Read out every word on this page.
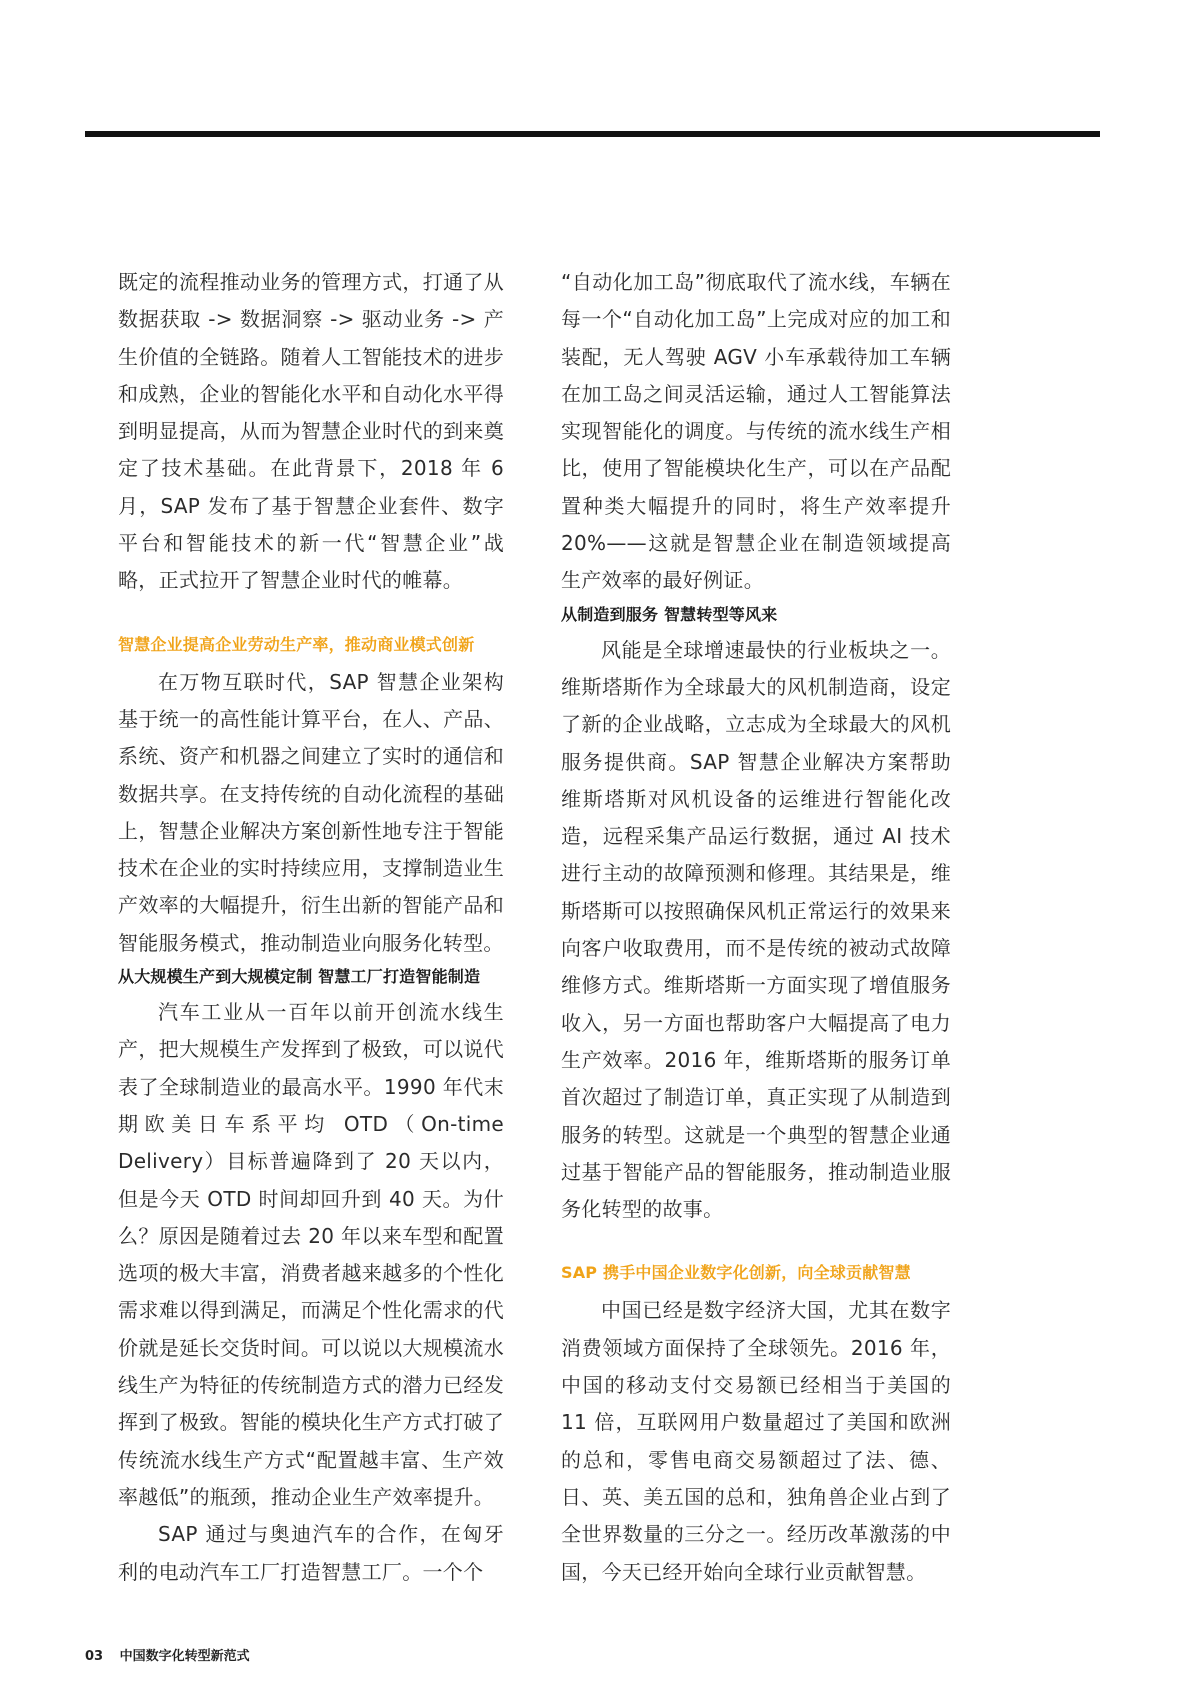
既定的流程推动业务的管理方式，打通了从数据获取 -> 数据洞察 -> 驱动业务 -> 产生价值的全链路。随着人工智能技术的进步和成熟，企业的智能化水平和自动化水平得到明显提高，从而为智慧企业时代的到来奠定了技术基础。在此背景下，2018 年 6 月，SAP 发布了基于智慧企业套件、数字平台和智能技术的新一代“智慧企业”战略，正式拉开了智慧企业时代的帷幕。

智慧企业提高企业劳动生产率，推动商业模式创新

在万物互联时代，SAP 智慧企业架构基于统一的高性能计算平台，在人、产品、系统、资产和机器之间建立了实时的通信和数据共享。在支持传统的自动化流程的基础上，智慧企业解决方案创新性地专注于智能技术在企业的实时持续应用，支撑制造业生产效率的大幅提升，衍生出新的智能产品和智能服务模式，推动制造业向服务化转型。

从大规模生产到大规模定制 智慧工厂打造智能制造

汽车工业从一百年以前开创流水线生产，把大规模生产发挥到了极致，可以说代表了全球制造业的最高水平。1990 年代末期欧美日车系平均 OTD（On-time Delivery）目标普遍降到了 20 天以内，但是今天 OTD 时间却回升到 40 天。为什么？原因是随着过去 20 年以来车型和配置选项的极大丰富，消费者越来越多的个性化需求难以得到满足，而满足个性化需求的代价就是延长交货时间。可以说以大规模流水线生产为特征的传统制造方式的潜力已经发挥到了极致。智能的模块化生产方式打破了传统流水线生产方式“配置越丰富、生产效率越低”的瓶颈，推动企业生产效率提升。

SAP 通过与奥迪汽车的合作，在匈牙利的电动汽车工厂打造智慧工厂。一个个

“自动化加工岛”彻底取代了流水线，车辆在每一个“自动化加工岛”上完成对应的加工和装配，无人驾驶 AGV 小车承载待加工车辆在加工岛之间灵活运输，通过人工智能算法实现智能化的调度。与传统的流水线生产相比，使用了智能模块化生产，可以在产品配置种类大幅提升的同时，将生产效率提升 20%——这就是智慧企业在制造领域提高生产效率的最好例证。

从制造到服务 智慧转型等风来

风能是全球增速最快的行业板块之一。维斯塔斯作为全球最大的风机制造商，设定了新的企业战略，立志成为全球最大的风机服务提供商。SAP 智慧企业解决方案帮助维斯塔斯对风机设备的运维进行智能化改造，远程采集产品运行数据，通过 AI 技术进行主动的故障预测和修理。其结果是，维斯塔斯可以按照确保风机正常运行的效果来向客户收取费用，而不是传统的被动式故障维修方式。维斯塔斯一方面实现了增值服务收入，另一方面也帮助客户大幅提高了电力生产效率。2016 年，维斯塔斯的服务订单首次超过了制造订单，真正实现了从制造到服务的转型。这就是一个典型的智慧企业通过基于智能产品的智能服务，推动制造业服务化转型的故事。

SAP 携手中国企业数字化创新，向全球贡献智慧

中国已经是数字经济大国，尤其在数字消费领域方面保持了全球领先。2016 年，中国的移动支付交易额已经相当于美国的 11 倍，互联网用户数量超过了美国和欧洲的总和，零售电商交易额超过了法、德、日、英、美五国的总和，独角兽企业占到了全世界数量的三分之一。经历改革激荡的中国，今天已经开始向全球行业贡献智慧。

03 中国数字化转型新范式
